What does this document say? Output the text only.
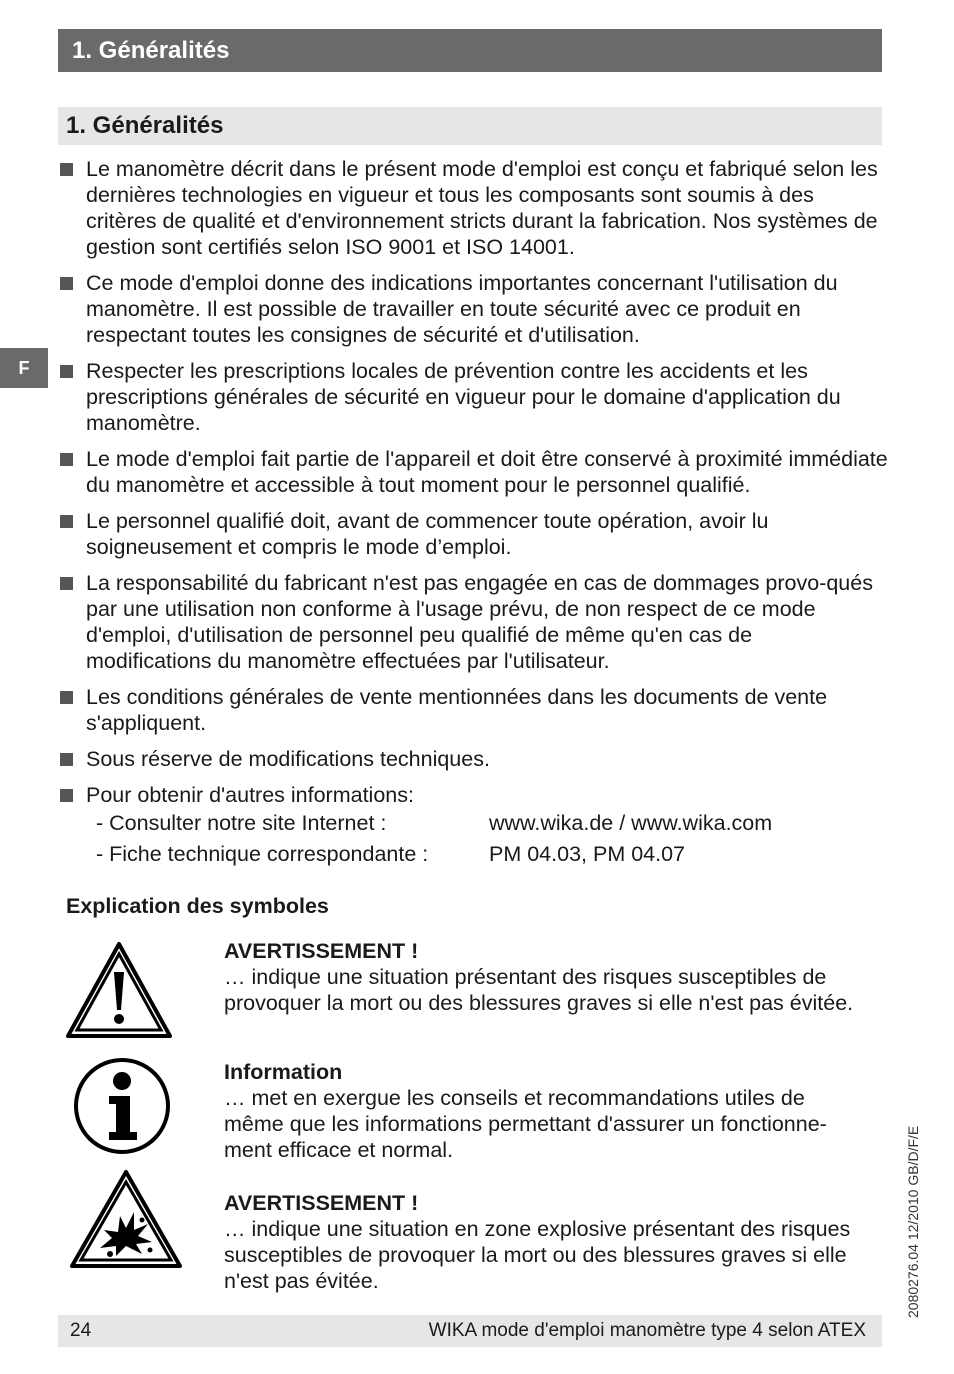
1. Généralités
1. Généralités
F
Le manomètre décrit dans le présent mode d'emploi est conçu et fabriqué selon les dernières technologies en vigueur et tous les composants sont soumis à des critères de qualité et d'environnement stricts durant la fabrication. Nos systèmes de gestion sont certifiés selon ISO 9001 et ISO 14001.
Ce mode d'emploi donne des indications importantes concernant l'utilisation du manomètre. Il est possible de travailler en toute sécurité avec ce produit en respectant toutes les consignes de sécurité et d'utilisation.
Respecter les prescriptions locales de prévention contre les accidents et les prescriptions générales de sécurité en vigueur pour le domaine d'application du manomètre.
Le mode d'emploi fait partie de l'appareil et doit être conservé à proximité immédiate du manomètre et accessible à tout moment pour le personnel qualifié.
Le personnel qualifié doit, avant de commencer toute opération, avoir lu soigneusement et compris le mode d’emploi.
La responsabilité du fabricant n'est pas engagée en cas de dommages provo-qués par une utilisation non conforme à l'usage prévu, de non respect de ce mode d'emploi, d'utilisation de personnel peu qualifié de même qu'en cas de modifications du manomètre effectuées par l'utilisateur.
Les conditions générales de vente mentionnées dans les documents de vente s'appliquent.
Sous réserve de modifications techniques.
Pour obtenir d'autres informations:
- Consulter notre site Internet :	www.wika.de / www.wika.com
- Fiche technique correspondante :	PM 04.03, PM 04.07
Explication des symboles
AVERTISSEMENT !
… indique une situation présentant des risques susceptibles de provoquer la mort ou des blessures graves si elle n'est pas évitée.
Information
… met en exergue les conseils et recommandations utiles de même que les informations permettant d'assurer un fonctionne-ment efficace et normal.
AVERTISSEMENT !
… indique une situation en zone explosive présentant des risques susceptibles de provoquer la mort ou des blessures graves si elle n'est pas évitée.	2080276.04 12/2010 GB/D/F/E
24	WIKA mode d'emploi manomètre type 4 selon ATEX
